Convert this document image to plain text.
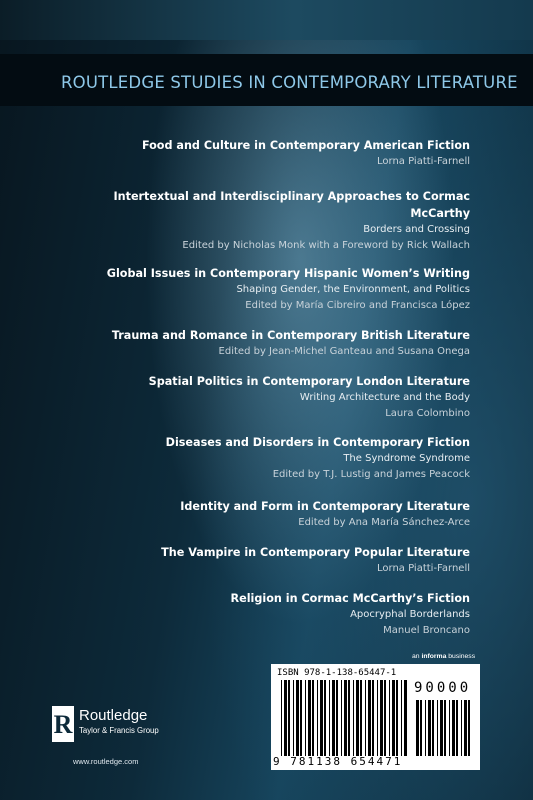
ROUTLEDGE STUDIES IN CONTEMPORARY LITERATURE

Food and Culture in Contemporary American Fiction

Lorna Piatti-Farnell

Intertextual and Interdisciplinary Approaches to Cormac

McCarthy

Borders and Crossing

Edited by Nicholas Monk with a Foreword by Rick Wallach

Global Issues in Contemporary Hispanic Women’s Writing

Shaping Gender, the Environment, and Politics

Edited by María Cibreiro and Francisca López

Trauma and Romance in Contemporary British Literature

Edited by Jean-Michel Ganteau and Susana Onega

Spatial Politics in Contemporary London Literature

Writing Architecture and the Body

Laura Colombino

Diseases and Disorders in Contemporary Fiction

The Syndrome Syndrome

Edited by T.J. Lustig and James Peacock

Identity and Form in Contemporary Literature

Edited by Ana María Sánchez-Arce

The Vampire in Contemporary Popular Literature

Lorna Piatti-Farnell

Religion in Cormac McCarthy’s Fiction

Apocryphal Borderlands

Manuel Broncano

R Routledge

Taylor & Francis Group

www.routledge.com

an informa business

ISBN 978-1-138-65447-1

90000

9 781138 654471
